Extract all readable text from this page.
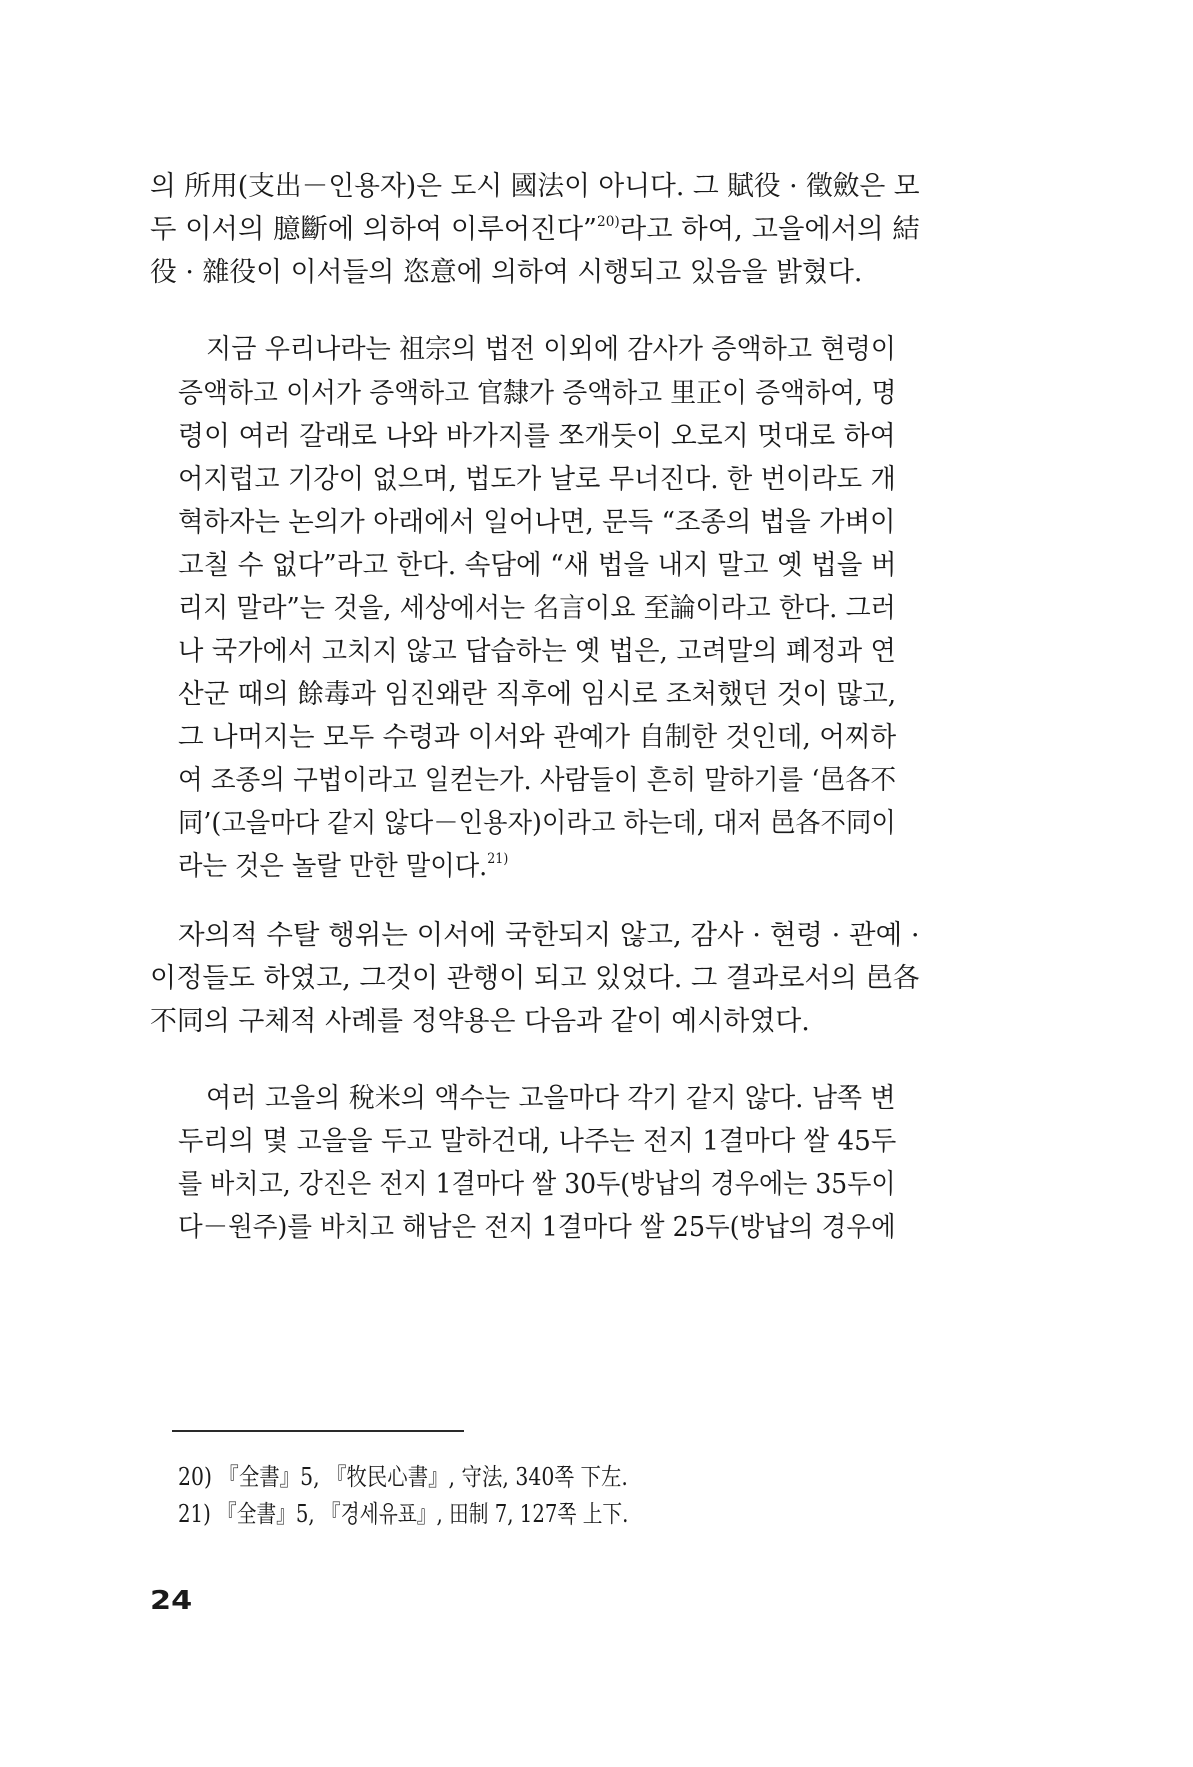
의 所用(支出－인용자)은 도시 國法이 아니다. 그 賦役 · 徵斂은 모
두 이서의 臆斷에 의하여 이루어진다”$^{20)}$라고 하여, 고을에서의 結
役 · 雜役이 이서들의 恣意에 의하여 시행되고 있음을 밝혔다.
지금 우리나라는 祖宗의 법전 이외에 감사가 증액하고 현령이
증액하고 이서가 증액하고 官隸가 증액하고 里正이 증액하여, 명
령이 여러 갈래로 나와 바가지를 쪼개듯이 오로지 멋대로 하여
어지럽고 기강이 없으며, 법도가 날로 무너진다. 한 번이라도 개
혁하자는 논의가 아래에서 일어나면, 문득 “조종의 법을 가벼이
고칠 수 없다”라고 한다. 속담에 “새 법을 내지 말고 옛 법을 버
리지 말라”는 것을, 세상에서는 名言이요 至論이라고 한다. 그러
나 국가에서 고치지 않고 답습하는 옛 법은, 고려말의 폐정과 연
산군 때의 餘毒과 임진왜란 직후에 임시로 조처했던 것이 많고,
그 나머지는 모두 수령과 이서와 관예가 自制한 것인데, 어찌하
여 조종의 구법이라고 일컫는가. 사람들이 흔히 말하기를 ‘邑各不
同’(고을마다 같지 않다－인용자)이라고 하는데, 대저 邑各不同이
라는 것은 놀랄 만한 말이다.$^{21)}$
자의적 수탈 행위는 이서에 국한되지 않고, 감사 · 현령 · 관예 ·
이정들도 하였고, 그것이 관행이 되고 있었다. 그 결과로서의 邑各
不同의 구체적 사례를 정약용은 다음과 같이 예시하였다.
여러 고을의 稅米의 액수는 고을마다 각기 같지 않다. 남쪽 변
두리의 몇 고을을 두고 말하건대, 나주는 전지 1결마다 쌀 45두
를 바치고, 강진은 전지 1결마다 쌀 30두(방납의 경우에는 35두이
다－원주)를 바치고 해남은 전지 1결마다 쌀 25두(방납의 경우에
20) 『全書』5, 『牧民心書』, 守法, 340쪽 下左.
21) 『全書』5, 『경세유표』, 田制 7, 127쪽 上下.
24
